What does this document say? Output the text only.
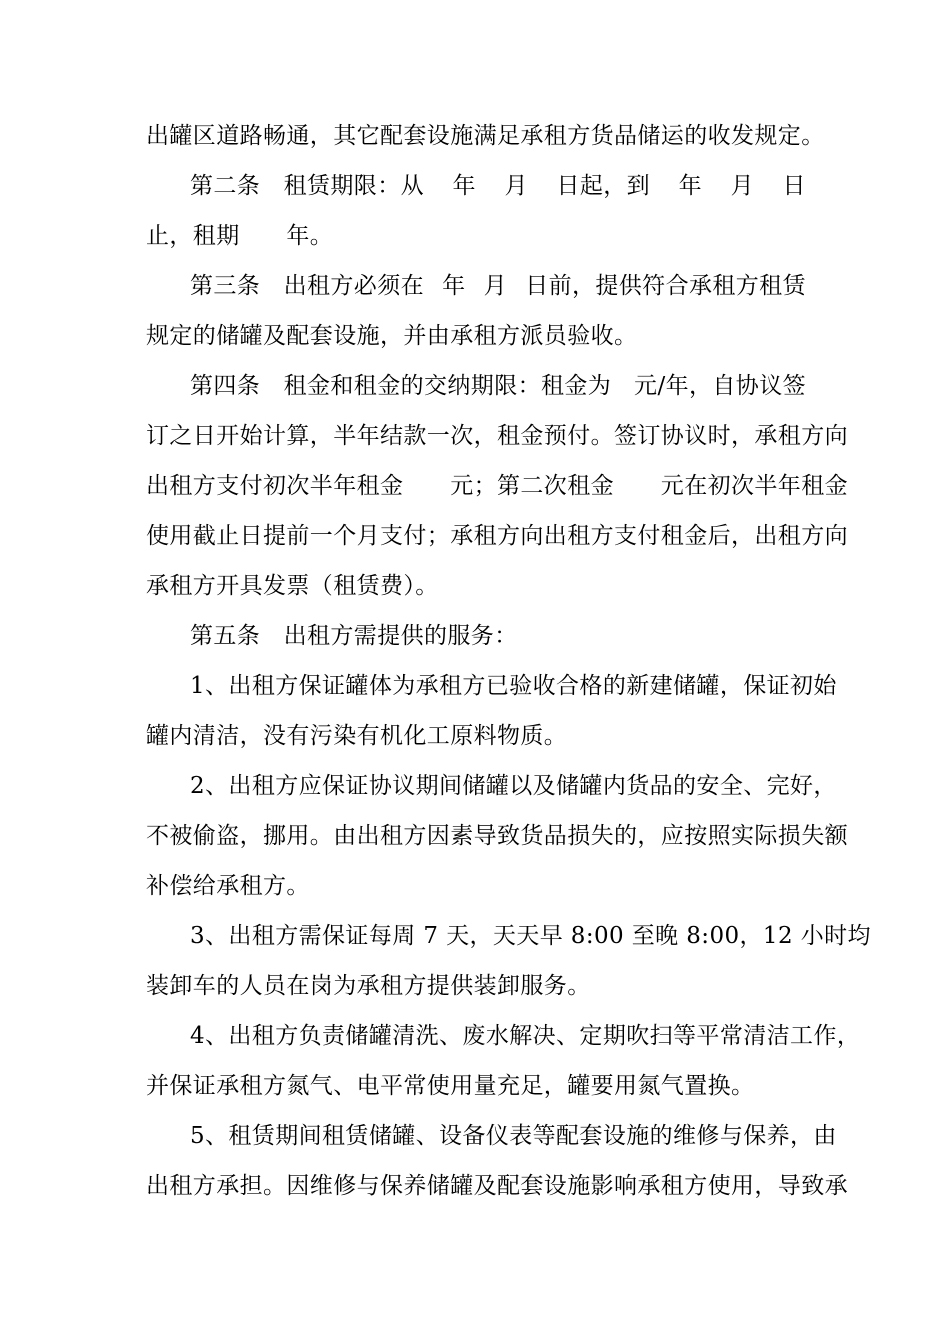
出罐区道路畅通，其它配套设施满足承租方货品储运的收发规定。
第二条　租赁期限：从 年 月 日起，到 年 月 日
止，租期　　年。
第三条　出租方必须在 年 月 日前，提供符合承租方租赁
规定的储罐及配套设施，并由承租方派员验收。
第四条　租金和租金的交纳期限：租金为 元/年，自协议签
订之日开始计算，半年结款一次，租金预付。签订协议时，承租方向
出租方支付初次半年租金　　元；第二次租金　　元在初次半年租金
使用截止日提前一个月支付；承租方向出租方支付租金后，出租方向
承租方开具发票（租赁费）。
第五条　出租方需提供的服务：
1、出租方保证罐体为承租方已验收合格的新建储罐，保证初始
罐内清洁，没有污染有机化工原料物质。
2、出租方应保证协议期间储罐以及储罐内货品的安全、完好，
不被偷盗，挪用。由出租方因素导致货品损失的，应按照实际损失额
补偿给承租方。
3、出租方需保证每周 7 天，天天早 8:00 至晚 8:00，12 小时均
装卸车的人员在岗为承租方提供装卸服务。
4、出租方负责储罐清洗、废水解决、定期吹扫等平常清洁工作，
并保证承租方氮气、电平常使用量充足，罐要用氮气置换。
5、租赁期间租赁储罐、设备仪表等配套设施的维修与保养，由
出租方承担。因维修与保养储罐及配套设施影响承租方使用，导致承
